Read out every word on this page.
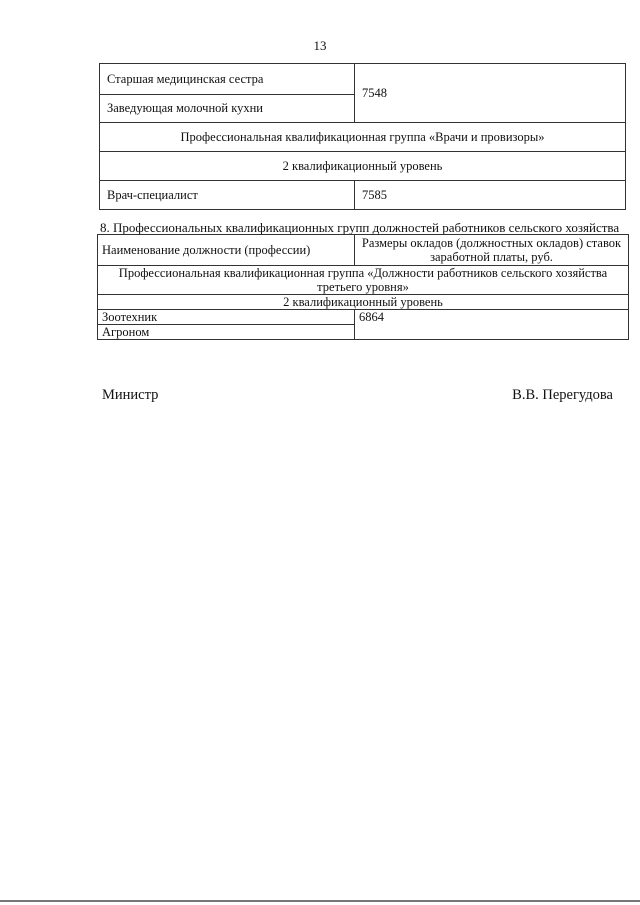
13
Старшая медицинская сестра	7548
Заведующая молочной кухни	
Профессиональная квалификационная группа «Врачи и провизоры»	
2 квалификационный уровень	
Врач-специалист	7585
8. Профессиональных квалификационных групп должностей работников сельского хозяйства
Наименование должности (профессии)	Размеры окладов (должностных окладов) ставок заработной платы, руб.
Профессиональная квалификационная группа «Должности работников сельского хозяйства третьего уровня»	
2 квалификационный уровень	
Зоотехник	6864
Агроном	
Министр	В.В. Перегудова
